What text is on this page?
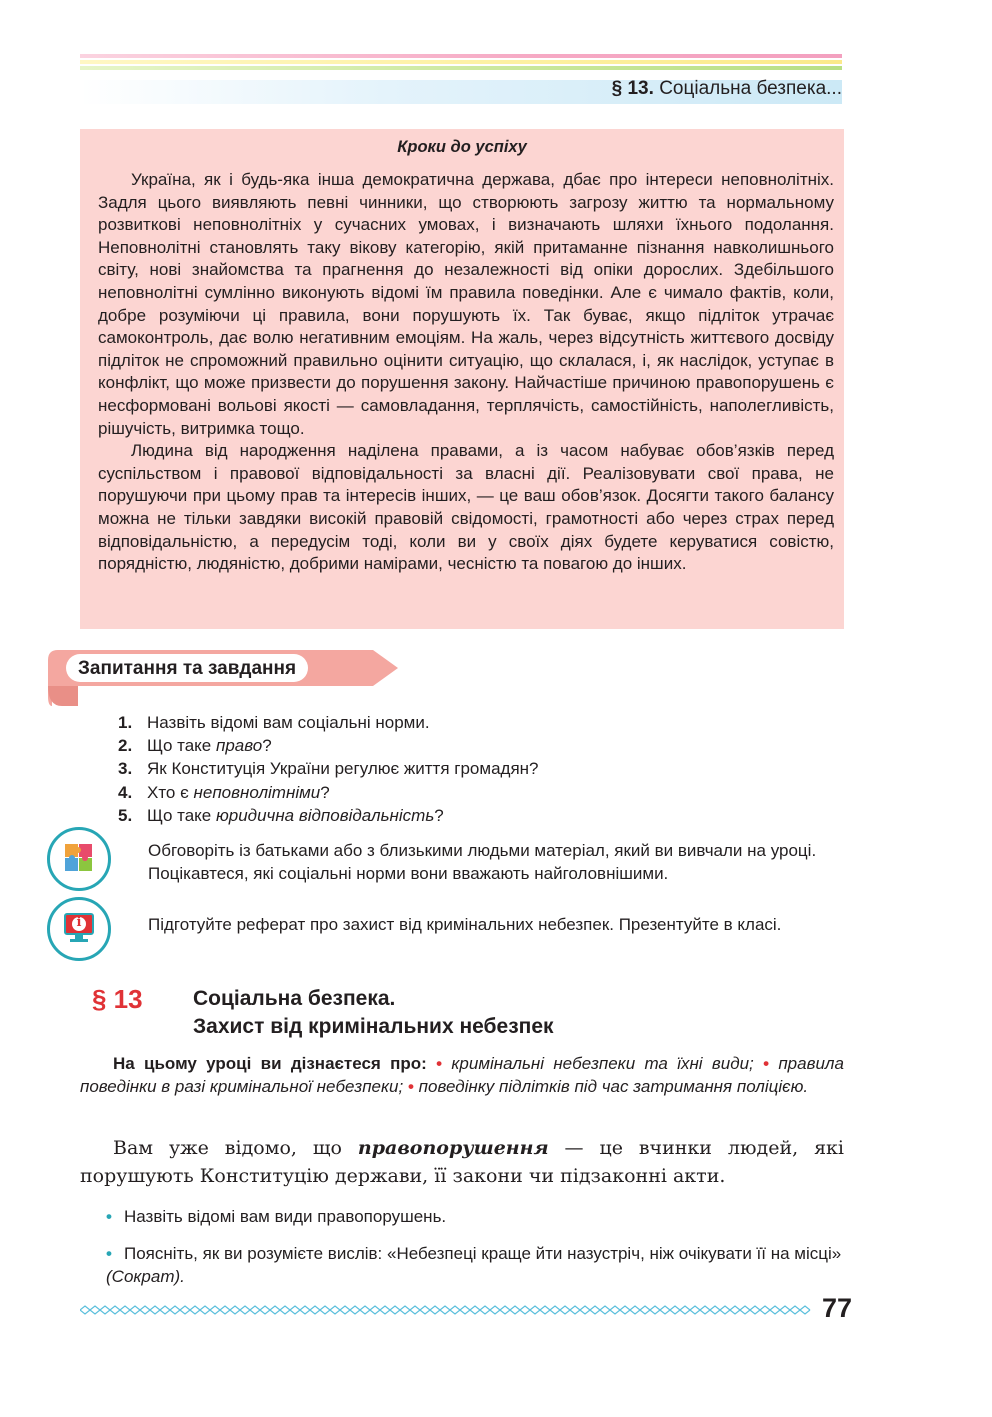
§ 13. Соціальна безпека...
Кроки до успіху

Україна, як і будь-яка інша демократична держава, дбає про інтереси неповнолітніх. Задля цього виявляють певні чинники, що створюють загрозу життю та нормальному розвиткові неповнолітніх у сучасних умовах, і визначають шляхи їхнього подолання. Неповнолітні становлять таку вікову категорію, якій притаманне пізнання навколишнього світу, нові знайомства та прагнення до незалежності від опіки дорослих. Здебільшого неповнолітні сумлінно виконують відомі їм правила поведінки. Але є чимало фактів, коли, добре розуміючи ці правила, вони порушують їх. Так буває, якщо підліток утрачає самоконтроль, дає волю негативним емоціям. На жаль, через відсутність життєвого досвіду підліток не спроможний правильно оцінити ситуацію, що склалася, і, як наслідок, уступає в конфлікт, що може призвести до порушення закону. Найчастіше причиною правопорушень є несформовані вольові якості — самовладання, терплячість, самостійність, наполегливість, рішучість, витримка тощо.

Людина від народження наділена правами, а із часом набуває обов’язків перед суспільством і правової відповідальності за власні дії. Реалізовувати свої права, не порушуючи при цьому прав та інтересів інших, — це ваш обов’язок. Досягти такого балансу можна не тільки завдяки високій правовій свідомості, грамотності або через страх перед відповідальністю, а передусім тоді, коли ви у своїх діях будете керуватися совістю, порядністю, людяністю, добрими намірами, чесністю та повагою до інших.

Запитання та завдання
1. Назвіть відомі вам соціальні норми.
2. Що таке право?
3. Як Конституція України регулює життя громадян?
4. Хто є неповнолітніми?
5. Що таке юридична відповідальність?
Обговоріть із батьками або з близькими людьми матеріал, який ви вивчали на уроці. Поцікавтеся, які соціальні норми вони вважають найголовнішими.
i	Підготуйте реферат про захист від кримінальних небезпек. Презентуйте в класі.
§ 13 Соціальна безпека.
Захист від кримінальних небезпек
На цьому уроці ви дізнаєтеся про: • кримінальні небезпеки та їхні види; • правила поведінки в разі кримінальної небезпеки; • поведінку підлітків під час затримання поліцією.

Вам уже відомо, що правопорушення — це вчинки людей, які порушують Конституцію держави, її закони чи підзаконні акти.

• Назвіть відомі вам види правопорушень.
• Поясніть, як ви розумієте вислів: «Небезпеці краще йти назустріч, ніж очікувати її на місці» (Сократ).
77
